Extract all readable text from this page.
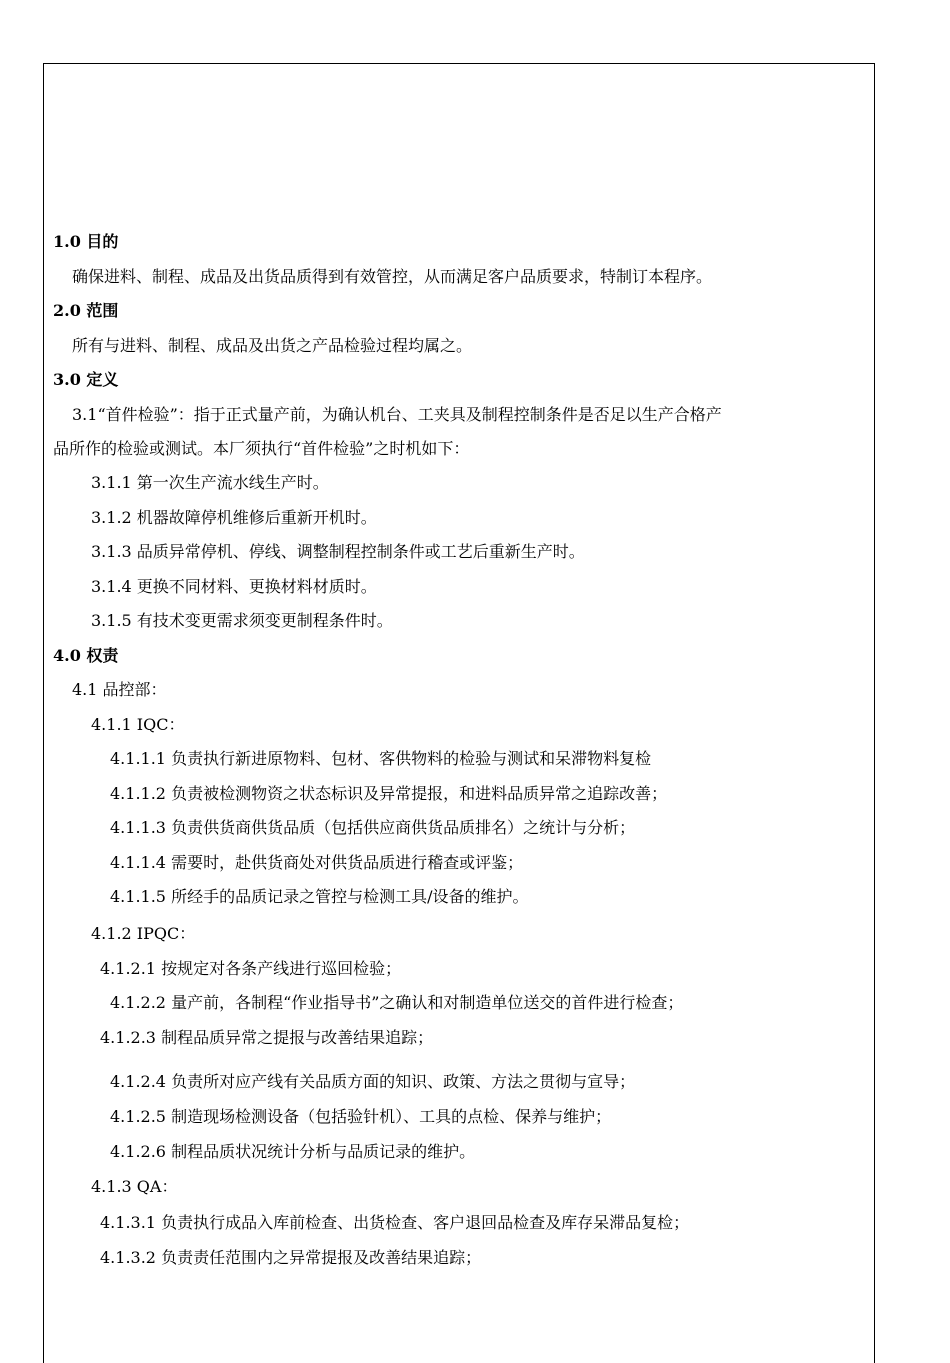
1.0 目的
确保进料、制程、成品及出货品质得到有效管控，从而满足客户品质要求，特制订本程序。
2.0 范围
所有与进料、制程、成品及出货之产品检验过程均属之。
3.0 定义
3.1“首件检验”：指于正式量产前，为确认机台、工夹具及制程控制条件是否足以生产合格产
品所作的检验或测试。本厂须执行“首件检验”之时机如下：
3.1.1 第一次生产流水线生产时。
3.1.2 机器故障停机维修后重新开机时。
3.1.3 品质异常停机、停线、调整制程控制条件或工艺后重新生产时。
3.1.4 更换不同材料、更换材料材质时。
3.1.5 有技术变更需求须变更制程条件时。
4.0 权责
4.1 品控部：
4.1.1 IQC：
4.1.1.1 负责执行新进原物料、包材、客供物料的检验与测试和呆滞物料复检
4.1.1.2 负责被检测物资之状态标识及异常提报，和进料品质异常之追踪改善；
4.1.1.3 负责供货商供货品质（包括供应商供货品质排名）之统计与分析；
4.1.1.4 需要时，赴供货商处对供货品质进行稽查或评鉴；
4.1.1.5 所经手的品质记录之管控与检测工具/设备的维护。
4.1.2 IPQC：
4.1.2.1 按规定对各条产线进行巡回检验；
4.1.2.2 量产前，各制程“作业指导书”之确认和对制造单位送交的首件进行检查；
4.1.2.3 制程品质异常之提报与改善结果追踪；
4.1.2.4 负责所对应产线有关品质方面的知识、政策、方法之贯彻与宣导；
4.1.2.5 制造现场检测设备（包括验针机）、工具的点检、保养与维护；
4.1.2.6 制程品质状况统计分析与品质记录的维护。
4.1.3 QA：
4.1.3.1 负责执行成品入库前检查、出货检查、客户退回品检查及库存呆滞品复检；
4.1.3.2 负责责任范围内之异常提报及改善结果追踪；
